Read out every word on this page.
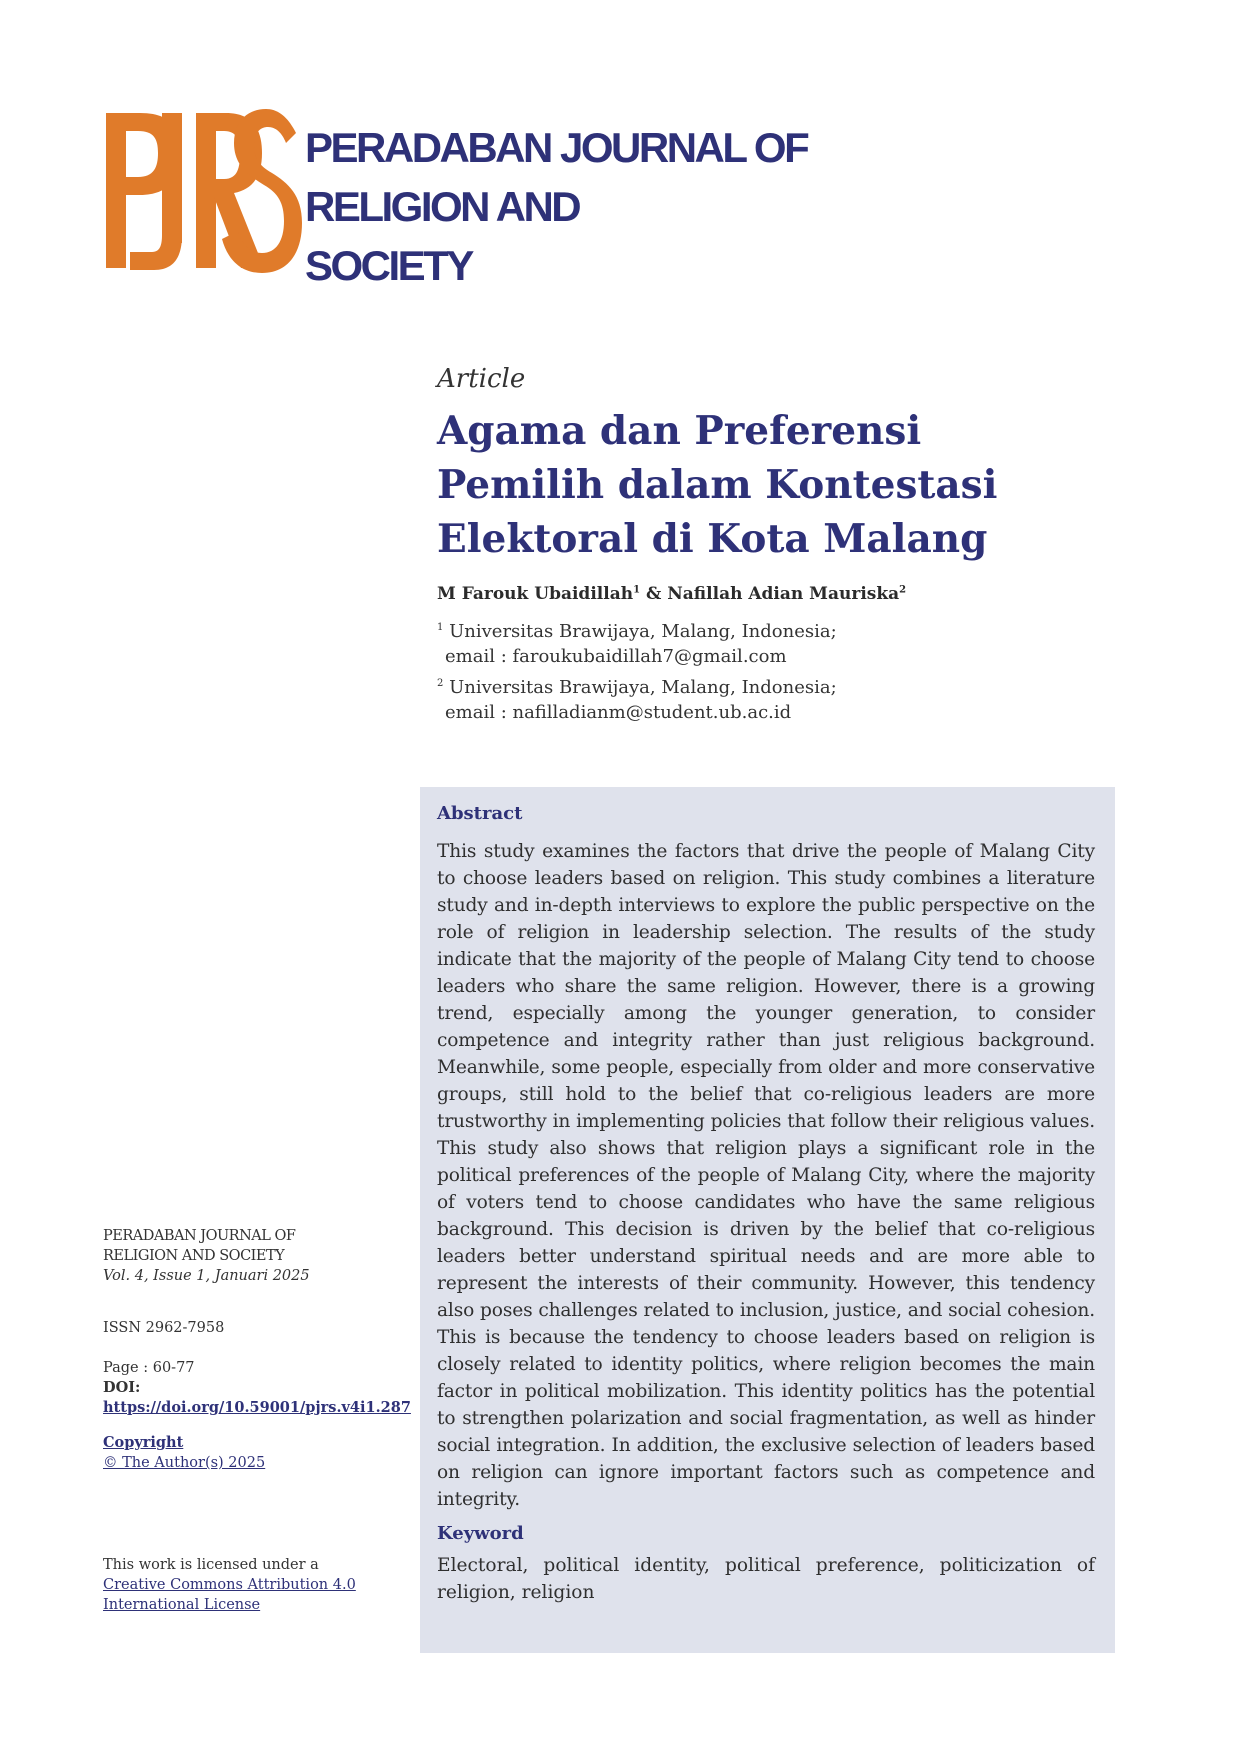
PJRS
PERADABAN JOURNAL OF
RELIGION AND
SOCIETY
Article
Agama dan Preferensi
Pemilih dalam Kontestasi
Elektoral di Kota Malang
M Farouk Ubaidillah$^1$ & Nafillah Adian Mauriska$^2$
$^1$ Universitas Brawijaya, Malang, Indonesia;
email : faroukubaidillah7@gmail.com
$^2$ Universitas Brawijaya, Malang, Indonesia;
email : nafilladianm@student.ub.ac.id
Abstract

This study examines the factors that drive the people of Malang City to choose leaders based on religion. This study combines a literature study and in-depth interviews to explore the public perspective on the role of religion in leadership selection. The results of the study indicate that the majority of the people of Malang City tend to choose leaders who share the same religion. However, there is a growing trend, especially among the younger generation, to consider competence and integrity rather than just religious background. Meanwhile, some people, especially from older and more conservative groups, still hold to the belief that co-religious leaders are more trustworthy in implementing policies that follow their religious values. This study also shows that religion plays a significant role in the political preferences of the people of Malang City, where the majority of voters tend to choose candidates who have the same religious background. This decision is driven by the belief that co-religious leaders better understand spiritual needs and are more able to represent the interests of their community. However, this tendency also poses challenges related to inclusion, justice, and social cohesion. This is because the tendency to choose leaders based on religion is closely related to identity politics, where religion becomes the main factor in political mobilization. This identity politics has the potential to strengthen polarization and social fragmentation, as well as hinder social integration. In addition, the exclusive selection of leaders based on religion can ignore important factors such as competence and integrity.

Keyword

Electoral, political identity, political preference, politicization of religion, religion

PERADABAN JOURNAL OF
RELIGION AND SOCIETY
Vol. 4, Issue 1, Januari 2025
ISSN 2962-7958
Page : 60-77
DOI:
https://doi.org/10.59001/pjrs.v4i1.287
Copyright
© The Author(s) 2025
This work is licensed under a
Creative Commons Attribution 4.0
International License
